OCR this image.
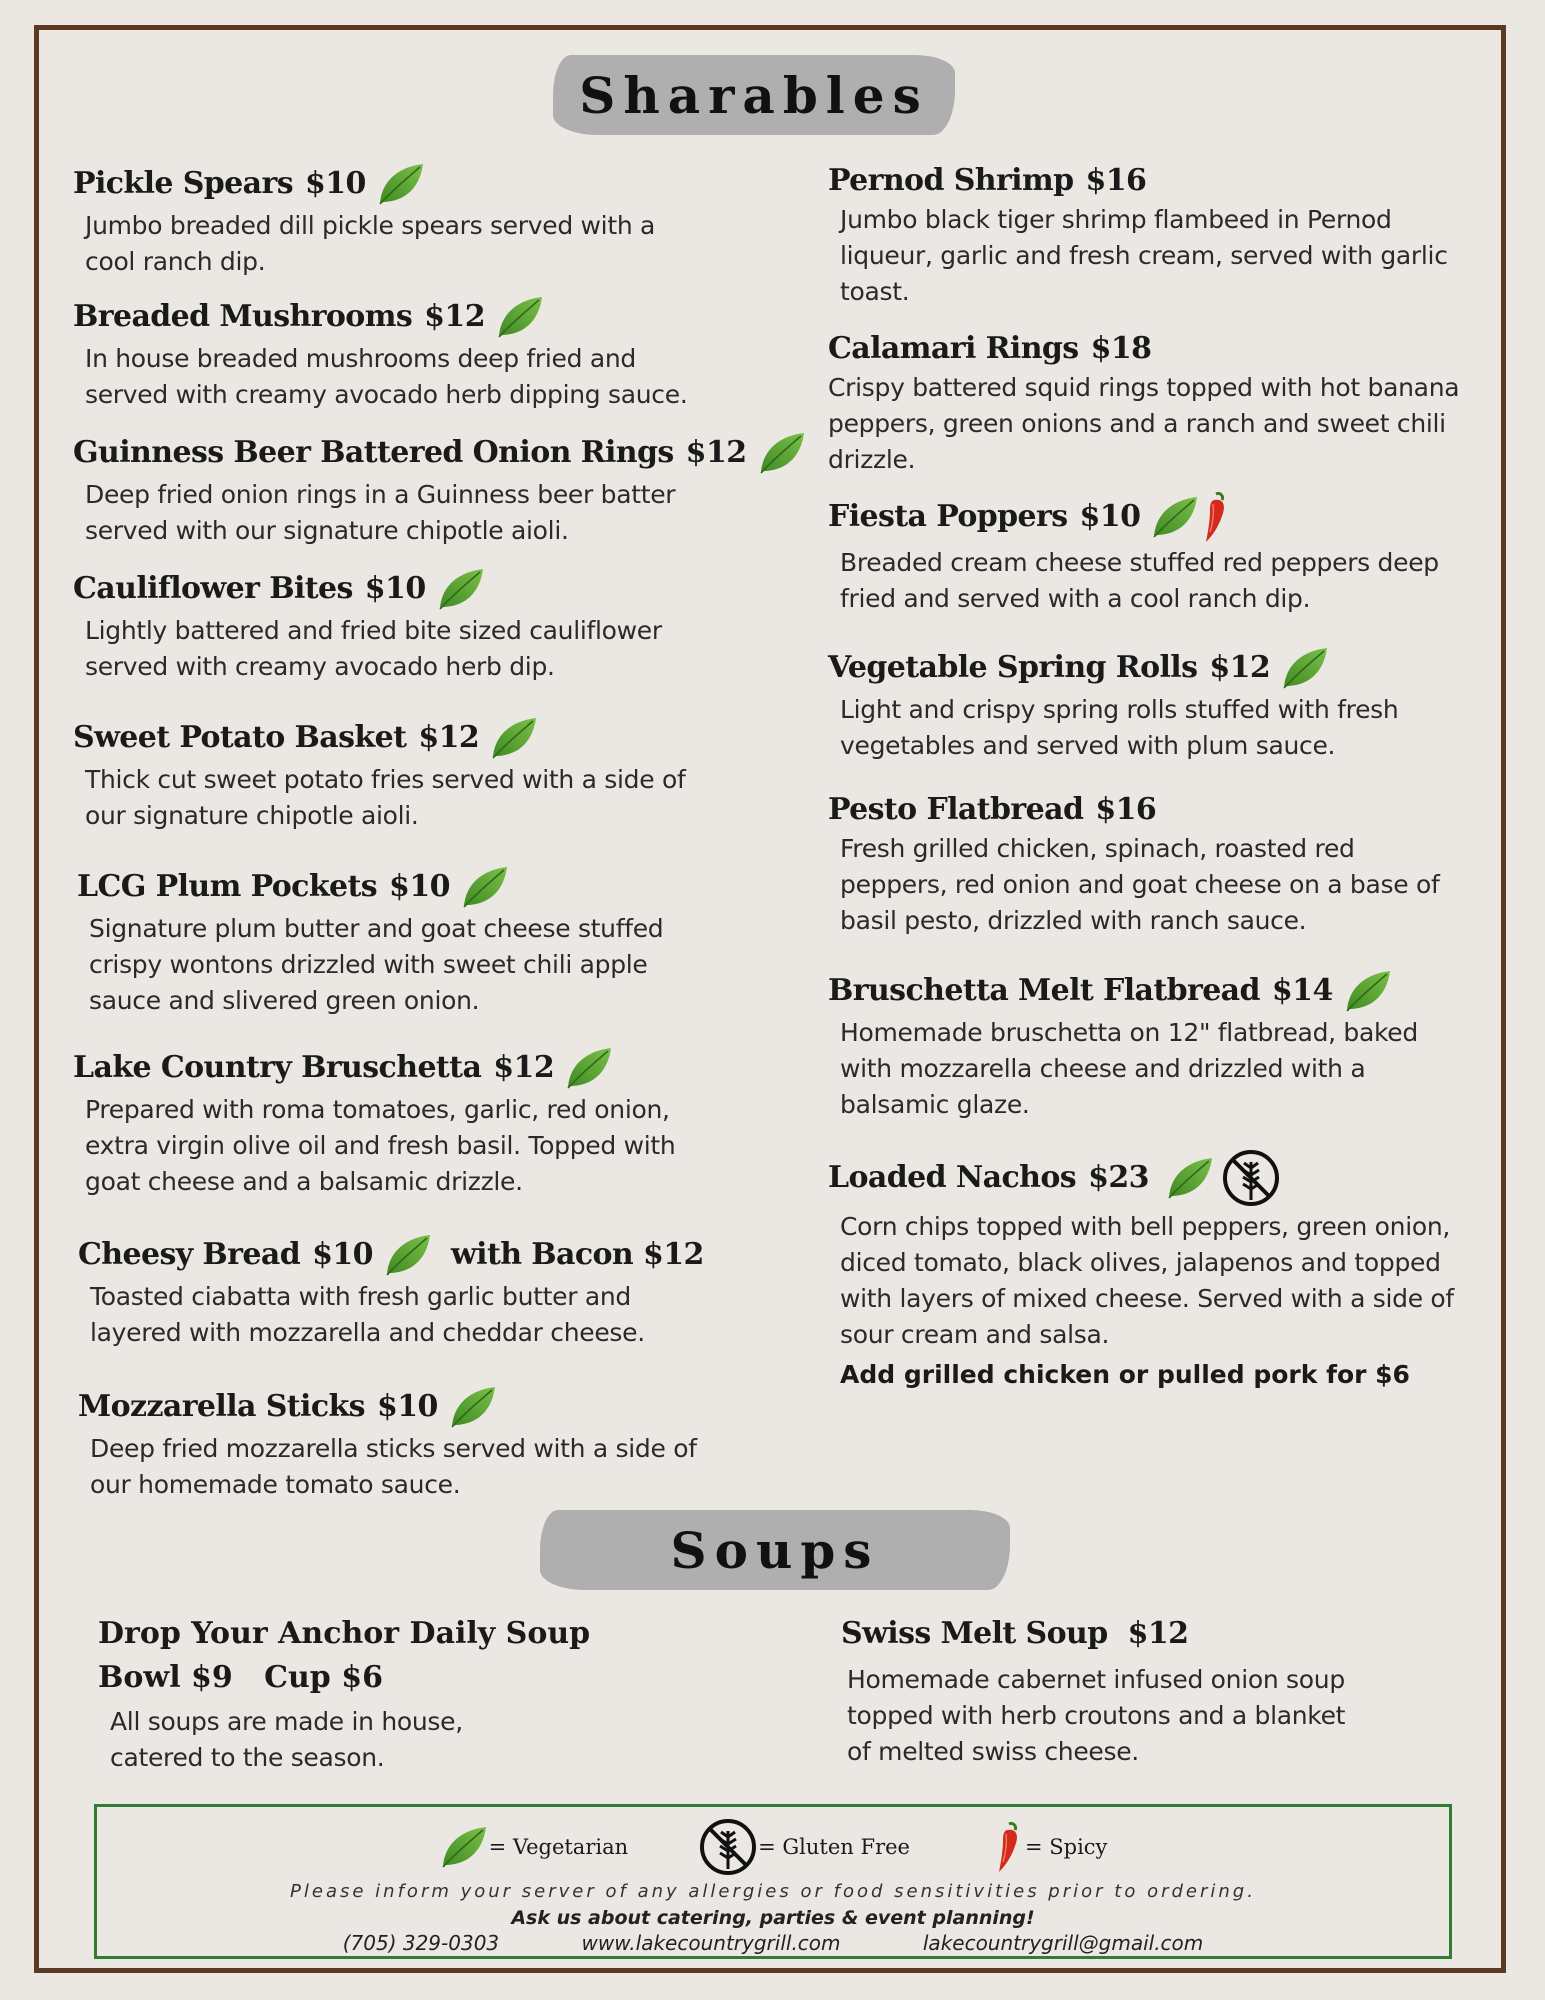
Sharables
Pickle Spears $10
Jumbo breaded dill pickle spears served with a
cool ranch dip.
Breaded Mushrooms $12
In house breaded mushrooms deep fried and
served with creamy avocado herb dipping sauce.
Guinness Beer Battered Onion Rings $12
Deep fried onion rings in a Guinness beer batter
served with our signature chipotle aioli.
Cauliflower Bites $10
Lightly battered and fried bite sized cauliflower
served with creamy avocado herb dip.
Sweet Potato Basket $12
Thick cut sweet potato fries served with a side of
our signature chipotle aioli.
LCG Plum Pockets $10
Signature plum butter and goat cheese stuffed
crispy wontons drizzled with sweet chili apple
sauce and slivered green onion.
Lake Country Bruschetta $12
Prepared with roma tomatoes, garlic, red onion,
extra virgin olive oil and fresh basil. Topped with
goat cheese and a balsamic drizzle.
Cheesy Bread $10	with Bacon $12
Toasted ciabatta with fresh garlic butter and
layered with mozzarella and cheddar cheese.
Mozzarella Sticks $10
Deep fried mozzarella sticks served with a side of
our homemade tomato sauce.
Pernod Shrimp $16
Jumbo black tiger shrimp flambeed in Pernod
liqueur, garlic and fresh cream, served with garlic
toast.
Calamari Rings $18
Crispy battered squid rings topped with hot banana
peppers, green onions and a ranch and sweet chili
drizzle.
Fiesta Poppers $10
Breaded cream cheese stuffed red peppers deep
fried and served with a cool ranch dip.
Vegetable Spring Rolls $12
Light and crispy spring rolls stuffed with fresh
vegetables and served with plum sauce.
Pesto Flatbread $16
Fresh grilled chicken, spinach, roasted red
peppers, red onion and goat cheese on a base of
basil pesto, drizzled with ranch sauce.
Bruschetta Melt Flatbread $14
Homemade bruschetta on 12" flatbread, baked
with mozzarella cheese and drizzled with a
balsamic glaze.
Loaded Nachos $23
Corn chips topped with bell peppers, green onion,
diced tomato, black olives, jalapenos and topped
with layers of mixed cheese. Served with a side of
sour cream and salsa.
Add grilled chicken or pulled pork for $6
Soups
Drop Your Anchor Daily Soup
Bowl $9   Cup $6
All soups are made in house,
catered to the season.
Swiss Melt Soup $12
Homemade cabernet infused onion soup
topped with herb croutons and a blanket
of melted swiss cheese.
= Vegetarian	= Gluten Free	= Spicy
Please inform your server of any allergies or food sensitivities prior to ordering.
Ask us about catering, parties & event planning!
(705) 329-0303	www.lakecountrygrill.com	lakecountrygrill@gmail.com
